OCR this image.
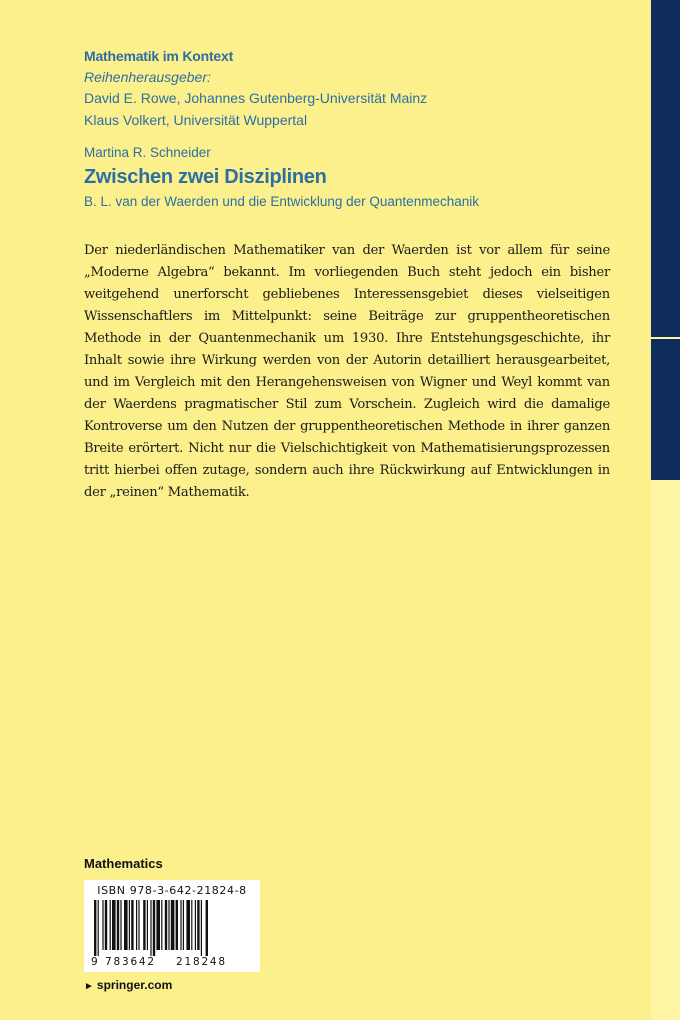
Mathematik im Kontext
Reihenherausgeber:
David E. Rowe, Johannes Gutenberg-Universität Mainz
Klaus Volkert, Universität Wuppertal
Martina R. Schneider
Zwischen zwei Disziplinen
B. L. van der Waerden und die Entwicklung der Quantenmechanik

Der niederländischen Mathematiker van der Waerden ist vor allem für seine „Moderne Algebra“ bekannt. Im vorliegenden Buch steht jedoch ein bisher weitgehend unerforscht gebliebenes Interessensgebiet dieses vielseitigen Wissenschaftlers im Mittelpunkt: seine Beiträge zur gruppentheoretischen Methode in der Quantenmechanik um 1930. Ihre Entstehungsgeschichte, ihr Inhalt sowie ihre Wirkung werden von der Autorin detailliert herausgearbeitet, und im Vergleich mit den Herangehensweisen von Wigner und Weyl kommt van der Waerdens pragmatischer Stil zum Vorschein. Zugleich wird die damalige Kontroverse um den Nutzen der gruppentheoretischen Methode in ihrer ganzen Breite erörtert. Nicht nur die Vielschichtigkeit von Mathematisierungsprozessen tritt hierbei offen zutage, sondern auch ihre Rückwirkung auf Entwicklungen in der „reinen“ Mathematik.

Mathematics
ISBN 978-3-642-21824-8
9 783642 218248
► springer.com
